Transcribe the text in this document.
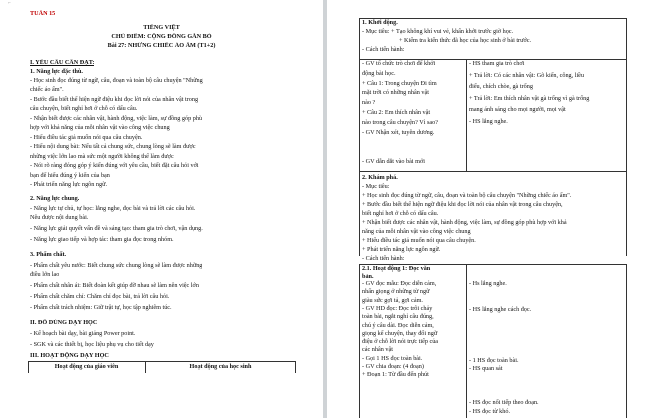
⌐
TUẦN 15
TIẾNG VIỆT
CHỦ ĐIỂM: CỘNG ĐỒNG GẮN BÓ
Bài 27: NHỮNG CHIẾC ÁO ẤM (T1+2)
I. YÊU CẦU CẦN ĐẠT:
1. Năng lực đặc thù.
- Học sinh đọc đúng từ ngữ, câu, đoạn và toàn bộ câu chuyện "Những
chiếc áo ấm".
- Bước đầu biết thể hiện ngữ điệu khi đọc lời nói của nhân vật trong
câu chuyện, biết nghỉ hơi ở chỗ có dấu câu.
- Nhận biết được các nhân vật, hành động, việc làm, sự đồng góp phù
hợp với khả năng của mỗi nhân vật vào công việc chung
- Hiểu điều tác giả muốn nói qua câu chuyện.
- Hiểu nội dung bài: Nếu tất cả chung sức, chung lòng sẽ làm được
những việc lớn lao mà sức một người không thể làm được
- Nói rõ ràng đóng góp ý kiến đúng với yêu cầu, biết đặt câu hỏi với
bạn để hiểu đúng ý kiến của bạn
- Phát triển năng lực ngôn ngữ.
2. Năng lực chung.
- Năng lực tự chủ, tự học: lắng nghe, đọc bài và trả lời các câu hỏi.
Nêu được nội dung bài.
- Năng lực giải quyết vấn đề và sáng tạo: tham gia trò chơi, vận dụng.
- Năng lực giao tiếp và hợp tác: tham gia đọc trong nhóm.
3. Phẩm chất.
- Phẩm chất yêu nước: Biết chung sức chung lòng sẽ làm được những
điều lớn lao
- Phẩm chất nhân ái: Biết đoàn kết giúp đỡ nhau sẽ làm nên việc lớn
- Phẩm chất chăm chỉ: Chăm chỉ đọc bài, trả lời câu hỏi.
- Phẩm chất trách nhiệm: Giữ trật tự, học tập nghiêm túc.
II. ĐỒ DÙNG DẠY HỌC
- Kế hoạch bài dạy, bài giảng Power point.
- SGK và các thiết bị, học liệu phụ vụ cho tiết dạy
III. HOẠT ĐỘNG DẠY HỌC
Hoạt động của giáo viên	Hoạt động của học sinh
1. Khởi động.
- Mục tiêu: + Tạo không khí vui vẻ, khấn khởi trước giờ học.
+ Kiểm tra kiến thức đã học của học sinh ở bài trước.
- Cách tiến hành:
- GV tổ chức trò chơi để khởi
động bài học.
+ Câu 1: Trong chuyện Đi tìm
mặt trời có những nhân vật
nào ?
+ Câu 2: Em thích nhân vật
nào trong câu chuyện? Vì sao?
- GV Nhận xét, tuyên dương.
- GV dẫn dắt vào bài mới
- HS tham gia trò chơi
+ Trả lời: Có các nhân vật: Gõ kiến, công, liều
điếu, chích chòe, gà trống
+ Trả lời: Em thích nhân vật gà trống vì gà trống
mang ánh sáng cho mọi người, mọi vật
- HS lắng nghe.
2. Khám phá.
- Mục tiêu:
+ Học sinh đọc đúng từ ngữ, câu, đoạn và toàn bộ câu chuyện "Những chiếc áo ấm".
+ Bước đầu biết thể hiện ngữ điệu khi đọc lời nói của nhân vật trong câu chuyện,
biết nghỉ hơi ở chỗ có dấu câu.
+ Nhận biết được các nhân vật, hành động, việc làm, sự đồng góp phù hợp với khả
năng của mỗi nhân vật vào công việc chung
+ Hiểu điều tác giả muốn nói qua câu chuyện.
+ Phát triển năng lực ngôn ngữ.
- Cách tiến hành:
2.1. Hoạt động 1: Đọc văn
bản.
- GV đọc mẫu: Đọc diễn cảm,
nhấn giọng ở những từ ngữ
giàu sức gợi tả, gợi cảm.
- GV HD đọc: Đọc trôi chảy
toàn bài, ngắt nghỉ câu đúng,
chú ý câu dài. Đọc diễn cảm,
giọng kể chuyện, thay đổi ngữ
điệu ở chỗ lời nói trực tiếp của
các nhân vật
- Gọi 1 HS đọc toàn bài.
- GV chia đoạn: (4 đoạn)
+ Đoạn 1: Từ đầu đến phút
- Hs lắng nghe.
- HS lắng nghe cách đọc.
- 1 HS đọc toàn bài.
- HS quan sát
- HS đọc nối tiếp theo đoạn.
- HS đọc từ khó.
